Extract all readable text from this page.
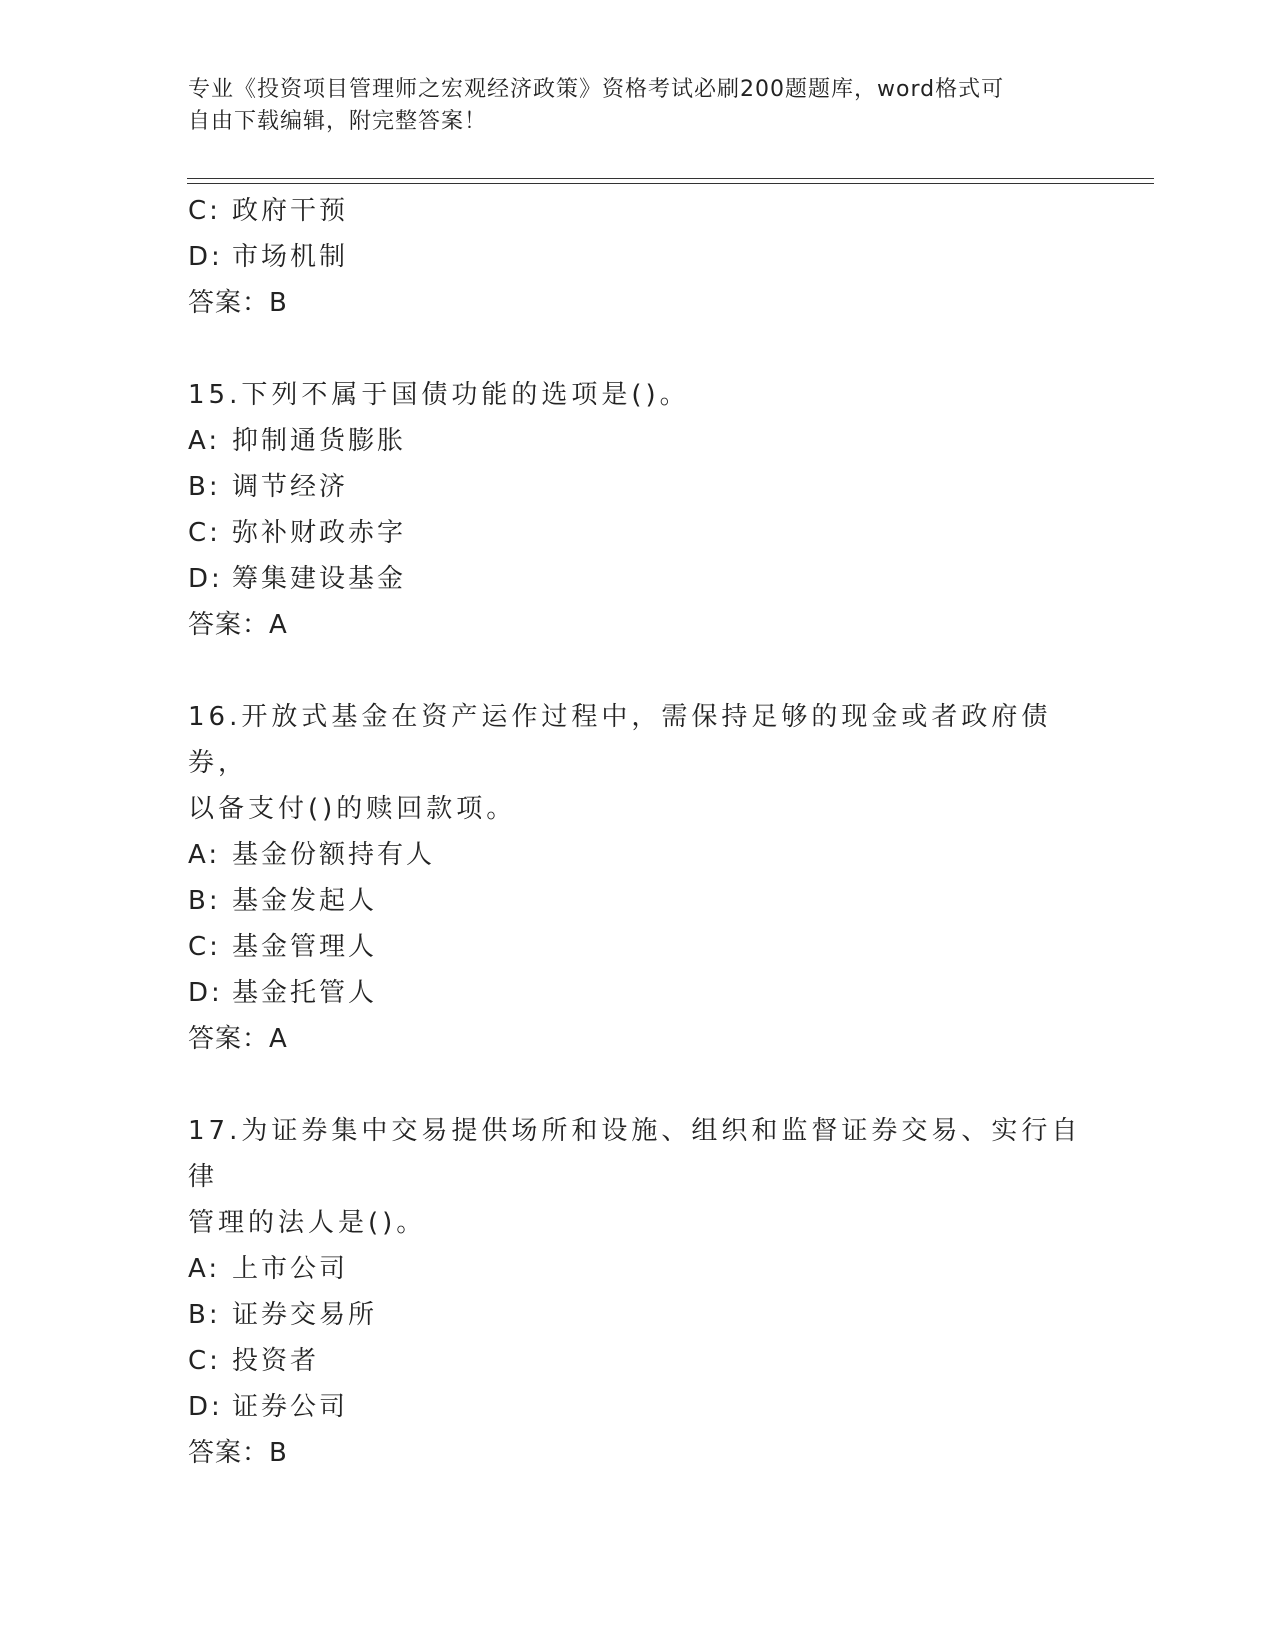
专业《投资项目管理师之宏观经济政策》资格考试必刷200题题库，word格式可
自由下载编辑，附完整答案！
C: 政府干预
D: 市场机制
答案：B
15.下列不属于国债功能的选项是()。
A: 抑制通货膨胀
B: 调节经济
C: 弥补财政赤字
D: 筹集建设基金
答案：A
16.开放式基金在资产运作过程中，需保持足够的现金或者政府债券，
以备支付()的赎回款项。
A: 基金份额持有人
B: 基金发起人
C: 基金管理人
D: 基金托管人
答案：A
17.为证券集中交易提供场所和设施、组织和监督证券交易、实行自律
管理的法人是()。
A: 上市公司
B: 证券交易所
C: 投资者
D: 证券公司
答案：B
